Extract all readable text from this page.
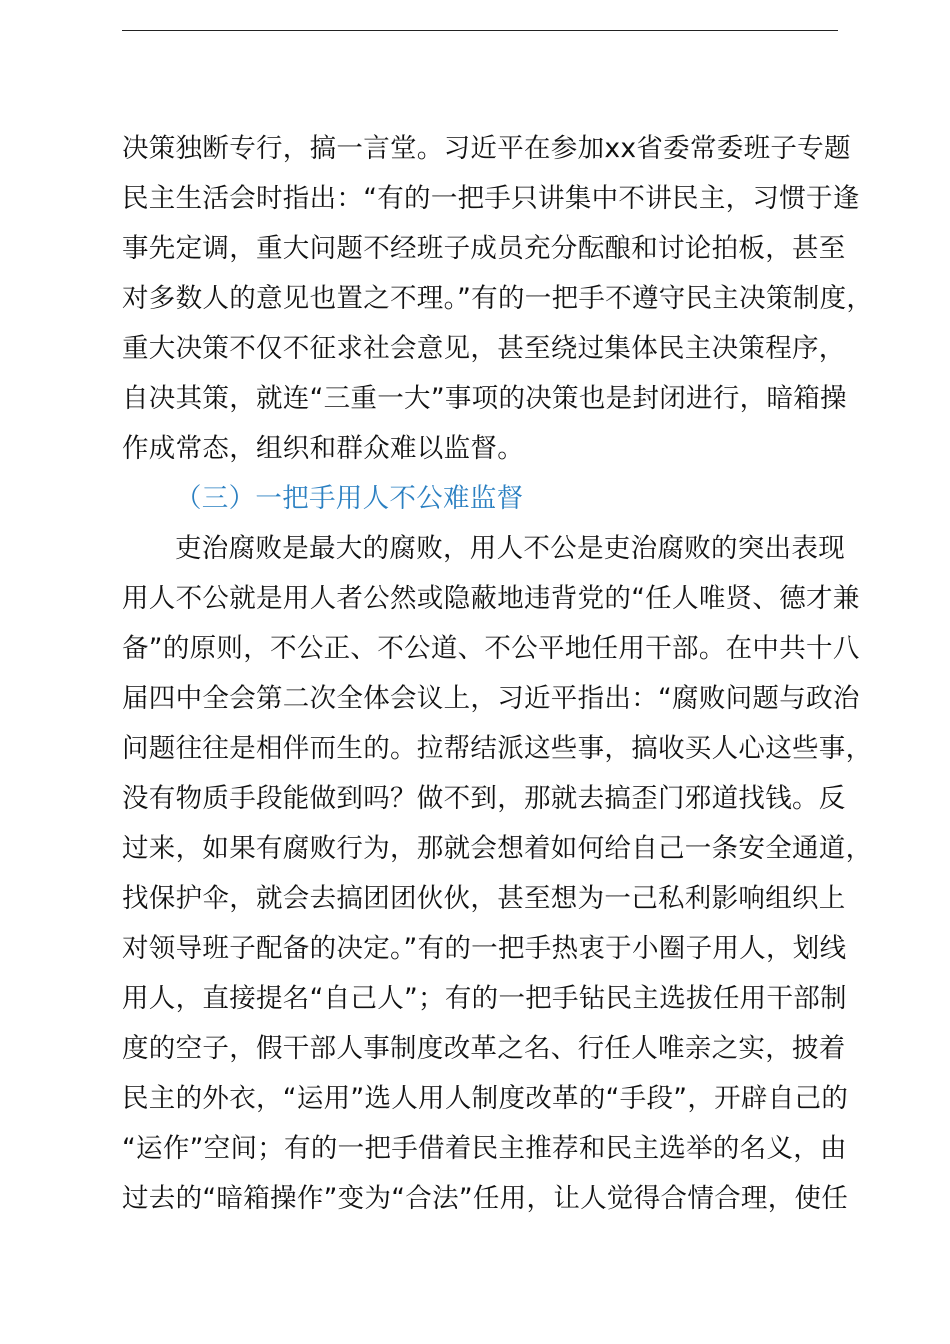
决策独断专行，搞一言堂。习近平在参加xx省委常委班子专题
民主生活会时指出：“有的一把手只讲集中不讲民主，习惯于逢
事先定调，重大问题不经班子成员充分酝酿和讨论拍板，甚至
对多数人的意见也置之不理。”有的一把手不遵守民主决策制度，
重大决策不仅不征求社会意见，甚至绕过集体民主决策程序，
自决其策，就连“三重一大”事项的决策也是封闭进行，暗箱操
作成常态，组织和群众难以监督。
（三）一把手用人不公难监督
吏治腐败是最大的腐败，用人不公是吏治腐败的突出表现
用人不公就是用人者公然或隐蔽地违背党的“任人唯贤、德才兼
备”的原则，不公正、不公道、不公平地任用干部。在中共十八
届四中全会第二次全体会议上，习近平指出：“腐败问题与政治
问题往往是相伴而生的。拉帮结派这些事，搞收买人心这些事，
没有物质手段能做到吗？做不到，那就去搞歪门邪道找钱。反
过来，如果有腐败行为，那就会想着如何给自己一条安全通道，
找保护伞，就会去搞团团伙伙，甚至想为一己私利影响组织上
对领导班子配备的决定。”有的一把手热衷于小圈子用人，划线
用人，直接提名“自己人”；有的一把手钻民主选拔任用干部制
度的空子，假干部人事制度改革之名、行任人唯亲之实，披着
民主的外衣，“运用”选人用人制度改革的“手段”，开辟自己的
“运作”空间；有的一把手借着民主推荐和民主选举的名义，由
过去的“暗箱操作”变为“合法”任用，让人觉得合情合理，使任
